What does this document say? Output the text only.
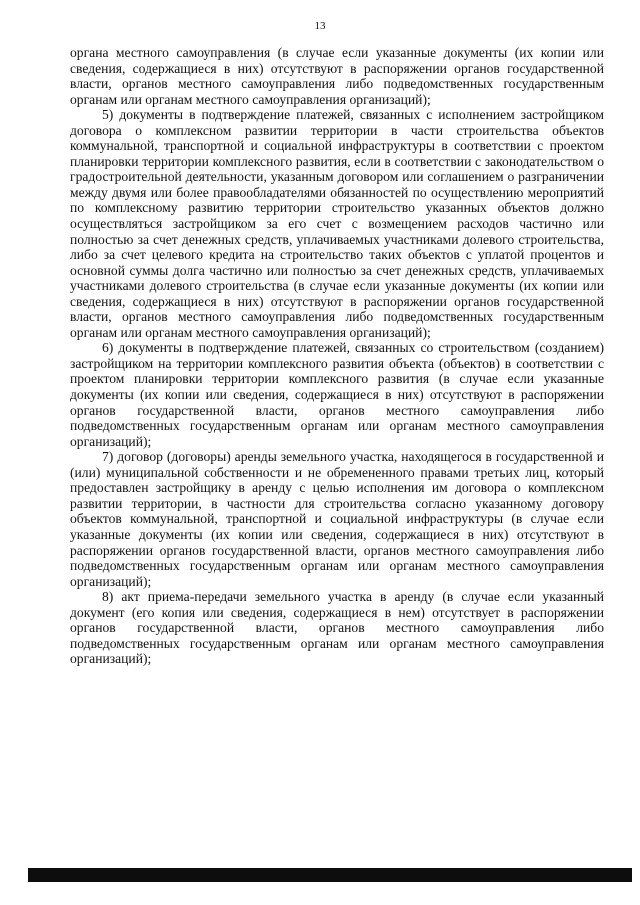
13

органа местного самоуправления (в случае если указанные документы (их копии или сведения, содержащиеся в них) отсутствуют в распоряжении органов государственной власти, органов местного самоуправления либо подведомственных государственным органам или органам местного самоуправления организаций);

5) документы в подтверждение платежей, связанных с исполнением застройщиком договора о комплексном развитии территории в части строительства объектов коммунальной, транспортной и социальной инфраструктуры в соответствии с проектом планировки территории комплексного развития, если в соответствии с законодательством о градостроительной деятельности, указанным договором или соглашением о разграничении между двумя или более правообладателями обязанностей по осуществлению мероприятий по комплексному развитию территории строительство указанных объектов должно осуществляться застройщиком за его счет с возмещением расходов частично или полностью за счет денежных средств, уплачиваемых участниками долевого строительства, либо за счет целевого кредита на строительство таких объектов с уплатой процентов и основной суммы долга частично или полностью за счет денежных средств, уплачиваемых участниками долевого строительства (в случае если указанные документы (их копии или сведения, содержащиеся в них) отсутствуют в распоряжении органов государственной власти, органов местного самоуправления либо подведомственных государственным органам или органам местного самоуправления организаций);

6) документы в подтверждение платежей, связанных со строительством (созданием) застройщиком на территории комплексного развития объекта (объектов) в соответствии с проектом планировки территории комплексного развития (в случае если указанные документы (их копии или сведения, содержащиеся в них) отсутствуют в распоряжении органов государственной власти, органов местного самоуправления либо подведомственных государственным органам или органам местного самоуправления организаций);

7) договор (договоры) аренды земельного участка, находящегося в государственной и (или) муниципальной собственности и не обремененного правами третьих лиц, который предоставлен застройщику в аренду с целью исполнения им договора о комплексном развитии территории, в частности для строительства согласно указанному договору объектов коммунальной, транспортной и социальной инфраструктуры (в случае если указанные документы (их копии или сведения, содержащиеся в них) отсутствуют в распоряжении органов государственной власти, органов местного самоуправления либо подведомственных государственным органам или органам местного самоуправления организаций);

8) акт приема-передачи земельного участка в аренду (в случае если указанный документ (его копия или сведения, содержащиеся в нем) отсутствует в распоряжении органов государственной власти, органов местного самоуправления либо подведомственных государственным органам или органам местного самоуправления организаций);
